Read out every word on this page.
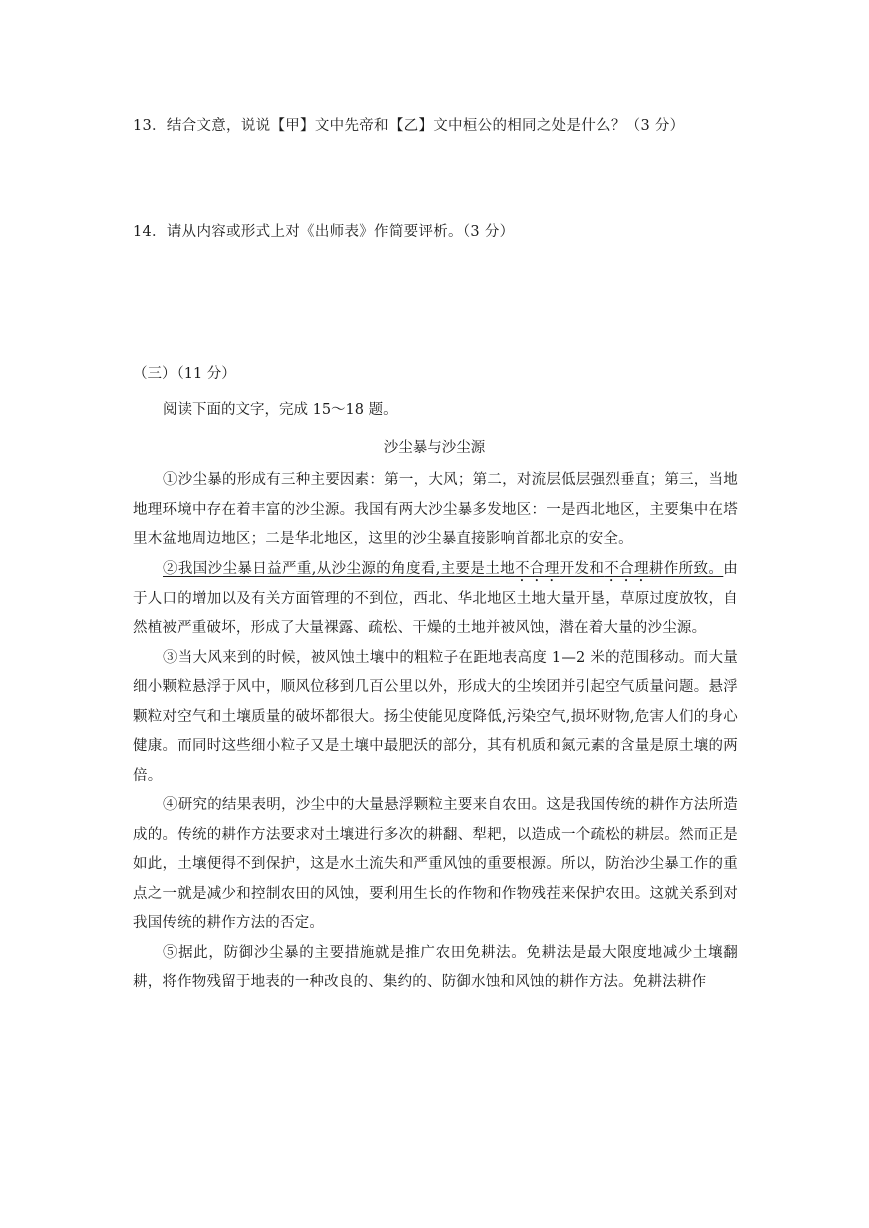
13．结合文意，说说【甲】文中先帝和【乙】文中桓公的相同之处是什么？（3 分）
14．请从内容或形式上对《出师表》作简要评析。（3 分）
（三）（11 分）
阅读下面的文字，完成 15～18 题。
沙尘暴与沙尘源

①沙尘暴的形成有三种主要因素：第一，大风；第二，对流层低层强烈垂直；第三，当地地理环境中存在着丰富的沙尘源。我国有两大沙尘暴多发地区：一是西北地区，主要集中在塔里木盆地周边地区；二是华北地区，这里的沙尘暴直接影响首都北京的安全。

②我国沙尘暴日益严重,从沙尘源的角度看,主要是土地不合理开发和不合理耕作所致。由于人口的增加以及有关方面管理的不到位，西北、华北地区土地大量开垦，草原过度放牧，自然植被严重破坏，形成了大量裸露、疏松、干燥的土地并被风蚀，潜在着大量的沙尘源。

③当大风来到的时候，被风蚀土壤中的粗粒子在距地表高度 1—2 米的范围移动。而大量细小颗粒悬浮于风中，顺风位移到几百公里以外，形成大的尘埃团并引起空气质量问题。悬浮颗粒对空气和土壤质量的破坏都很大。扬尘使能见度降低,污染空气,损坏财物,危害人们的身心健康。而同时这些细小粒子又是土壤中最肥沃的部分，其有机质和氮元素的含量是原土壤的两倍。

④研究的结果表明，沙尘中的大量悬浮颗粒主要来自农田。这是我国传统的耕作方法所造成的。传统的耕作方法要求对土壤进行多次的耕翻、犁耙，以造成一个疏松的耕层。然而正是如此，土壤便得不到保护，这是水土流失和严重风蚀的重要根源。所以，防治沙尘暴工作的重点之一就是减少和控制农田的风蚀，要利用生长的作物和作物残茬来保护农田。这就关系到对我国传统的耕作方法的否定。

⑤据此，防御沙尘暴的主要措施就是推广农田免耕法。免耕法是最大限度地减少土壤翻耕，将作物残留于地表的一种改良的、集约的、防御水蚀和风蚀的耕作方法。免耕法耕作
